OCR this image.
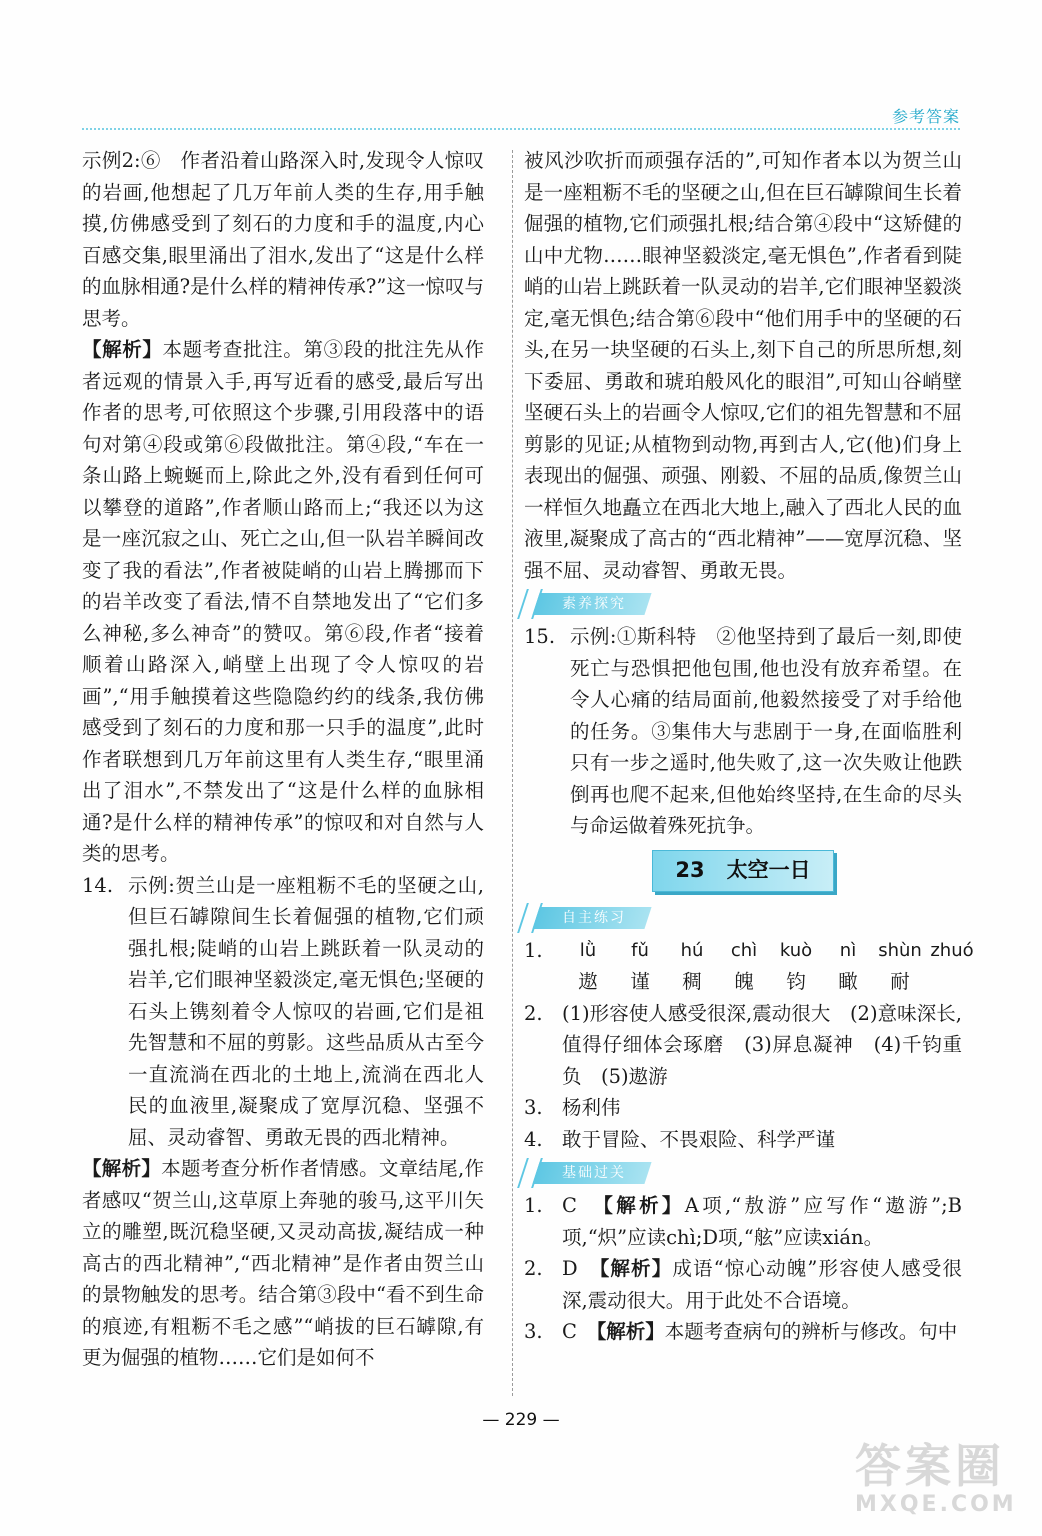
参考答案

示例2:⑥　作者沿着山路深入时,发现令人惊叹的岩画,他想起了几万年前人类的生存,用手触摸,仿佛感受到了刻石的力度和手的温度,内心百感交集,眼里涌出了泪水,发出了“这是什么样的血脉相通?是什么样的精神传承?”这一惊叹与思考。

【解析】本题考查批注。第③段的批注先从作者远观的情景入手,再写近看的感受,最后写出作者的思考,可依照这个步骤,引用段落中的语句对第④段或第⑥段做批注。第④段,“车在一条山路上蜿蜒而上,除此之外,没有看到任何可以攀登的道路”,作者顺山路而上;“我还以为这是一座沉寂之山、死亡之山,但一队岩羊瞬间改变了我的看法”,作者被陡峭的山岩上腾挪而下的岩羊改变了看法,情不自禁地发出了“它们多么神秘,多么神奇”的赞叹。第⑥段,作者“接着顺着山路深入,峭壁上出现了令人惊叹的岩画”,“用手触摸着这些隐隐约约的线条,我仿佛感受到了刻石的力度和那一只手的温度”,此时作者联想到几万年前这里有人类生存,“眼里涌出了泪水”,不禁发出了“这是什么样的血脉相通?是什么样的精神传承”的惊叹和对自然与人类的思考。

14. 示例:贺兰山是一座粗粝不毛的坚硬之山,但巨石罅隙间生长着倔强的植物,它们顽强扎根;陡峭的山岩上跳跃着一队灵动的岩羊,它们眼神坚毅淡定,毫无惧色;坚硬的石头上镌刻着令人惊叹的岩画,它们是祖先智慧和不屈的剪影。这些品质从古至今一直流淌在西北的土地上,流淌在西北人民的血液里,凝聚成了宽厚沉稳、坚强不屈、灵动睿智、勇敢无畏的西北精神。

【解析】本题考查分析作者情感。文章结尾,作者感叹“贺兰山,这草原上奔驰的骏马,这平川矢立的雕塑,既沉稳坚硬,又灵动高拔,凝结成一种高古的西北精神”,“西北精神”是作者由贺兰山的景物触发的思考。结合第③段中“看不到生命的痕迹,有粗粝不毛之感”“峭拔的巨石罅隙,有更为倔强的植物……它们是如何不

被风沙吹折而顽强存活的”,可知作者本以为贺兰山是一座粗粝不毛的坚硬之山,但在巨石罅隙间生长着倔强的植物,它们顽强扎根;结合第④段中“这矫健的山中尤物……眼神坚毅淡定,毫无惧色”,作者看到陡峭的山岩上跳跃着一队灵动的岩羊,它们眼神坚毅淡定,毫无惧色;结合第⑥段中“他们用手中的坚硬的石头,在另一块坚硬的石头上,刻下自己的所思所想,刻下委屈、勇敢和琥珀般风化的眼泪”,可知山谷峭壁坚硬石头上的岩画令人惊叹,它们的祖先智慧和不屈剪影的见证;从植物到动物,再到古人,它(他)们身上表现出的倔强、顽强、刚毅、不屈的品质,像贺兰山一样恒久地矗立在西北大地上,融入了西北人民的血液里,凝聚成了高古的“西北精神”——宽厚沉稳、坚强不屈、灵动睿智、勇敢无畏。

素养探究
15. 示例:①斯科特　②他坚持到了最后一刻,即使死亡与恐惧把他包围,他也没有放弃希望。在令人心痛的结局面前,他毅然接受了对手给他的任务。③集伟大与悲剧于一身,在面临胜利只有一步之遥时,他失败了,这一次失败让他跌倒再也爬不起来,但他始终坚持,在生命的尽头与命运做着殊死抗争。
23 太空一日
自主练习
1.	lǜ	fǔ	hú	chì	kuò	nì	shùn zhuó
遨	谨	稠	魄	钧	瞰	耐
2. (1)形容使人感受很深,震动很大　(2)意味深长,值得仔细体会琢磨　(3)屏息凝神　(4)千钧重负　(5)遨游
3. 杨利伟
4. 敢于冒险、不畏艰险、科学严谨
基础过关
1. C　 【解析】A项,“敖游”应写作“遨游”;B项,“炽”应读chì;D项,“舷”应读xián。
2. D　 【解析】成语“惊心动魄”形容使人感受很深,震动很大。用于此处不合语境。
3. C　 【解析】本题考查病句的辨析与修改。句中
— 229 —
答案圈
MXQE.COM
